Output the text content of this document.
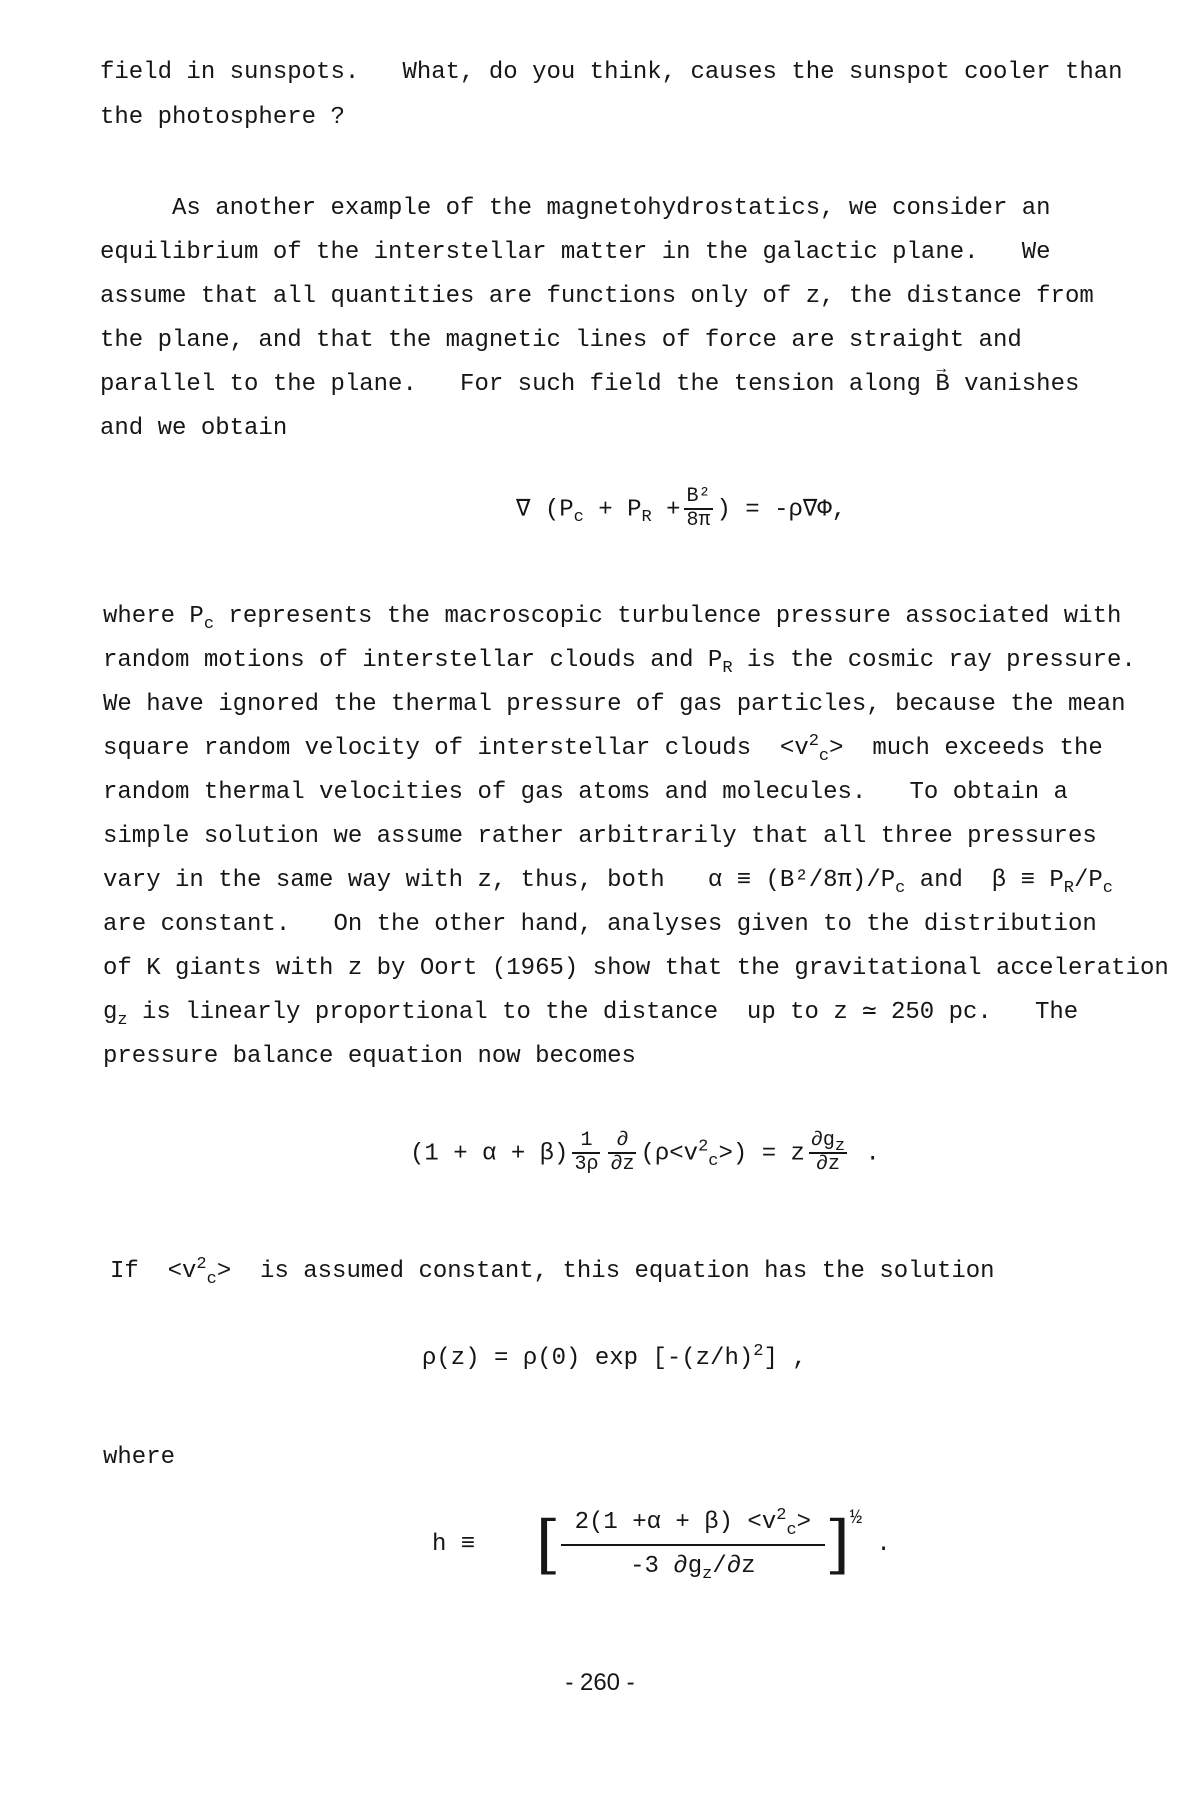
field in sunspots.   What, do you think, causes the sunspot cooler than
the photosphere ?
As another example of the magnetohydrostatics, we consider an
equilibrium of the interstellar matter in the galactic plane.   We
assume that all quantities are functions only of z, the distance from
the plane, and that the magnetic lines of force are straight and
parallel to the plane.   For such field the tension along → B vanishes
and we obtain
∇ ($P_c + P_R + \frac{\text{B²}}{8\pi}$ ) = -ρ∇Φ,
where $P_c$ represents the macroscopic turbulence pressure associated with
random motions of interstellar clouds and $P_R$ is the cosmic ray pressure.
We have ignored the thermal pressure of gas particles, because the mean
square random velocity of interstellar clouds  $<v^2_c>$  much exceeds the
random thermal velocities of gas atoms and molecules.   To obtain a
simple solution we assume rather arbitrarily that all three pressures
vary in the same way with z, thus, both   $\alpha \equiv (B^2/8\pi)/P_c$ and  $\beta \equiv P_R/P_c$
are constant.   On the other hand, analyses given to the distribution
of K giants with z by Oort (1965) show that the gravitational acceleration
$g_z$ is linearly proportional to the distance  up to z ≃ 250 pc.   The
pressure balance equation now becomes
$(1 + \alpha + \beta) \frac{1}{3\rho} \frac{\partial}{\partial z} (\rho<v^2_c>) = z \frac{\partial g_z}{\partial z}$ .
$If <v^2_c>$  is assumed constant, this equation has the solution
ρ(z) = ρ(0) $\exp [-(z/h)^2]$ ,
where
h ≡ [ $\frac{2(1 +\alpha + \beta) <v^2_c>}{-3 \partial g_z/\partial z}$ ]½ .
- 260 -
